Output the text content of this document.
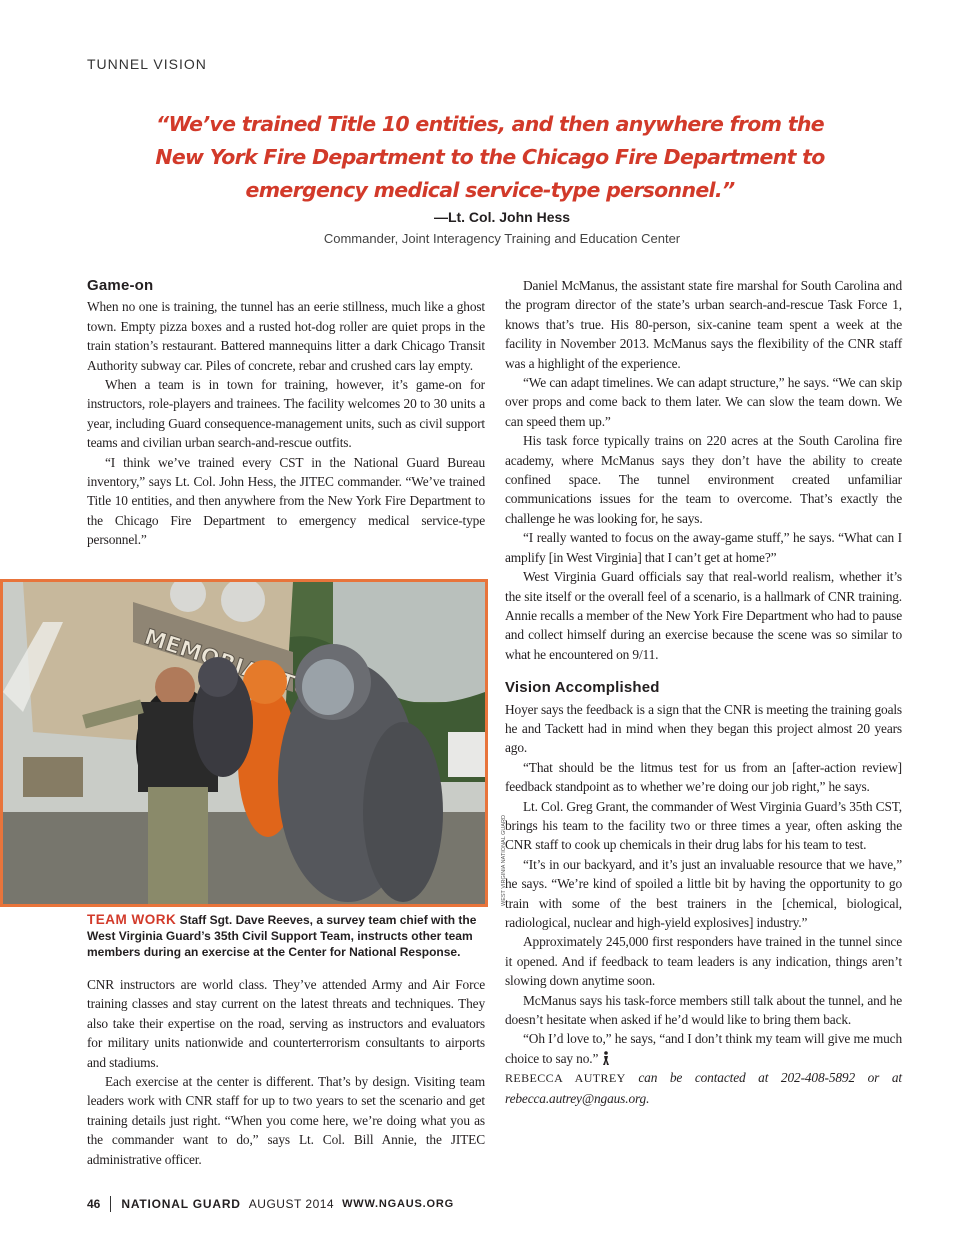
TUNNEL VISION
“We’ve trained Title 10 entities, and then anywhere from the
New York Fire Department to the Chicago Fire Department to
emergency medical service-type personnel.”
—Lt. Col. John Hess
Commander, Joint Interagency Training and Education Center
Game-on

When no one is training, the tunnel has an eerie stillness, much like a ghost town. Empty pizza boxes and a rusted hot-dog roller are quiet props in the train station’s restaurant. Battered mannequins litter a dark Chicago Transit Authority subway car. Piles of concrete, rebar and crushed cars lay empty.

When a team is in town for training, however, it’s game-on for instructors, role-players and trainees. The facility welcomes 20 to 30 units a year, including Guard consequence-management units, such as civil support teams and civilian urban search-and-rescue outfits.

“I think we’ve trained every CST in the National Guard Bureau inventory,” says Lt. Col. John Hess, the JITEC commander. “We’ve trained Title 10 entities, and then anywhere from the New York Fire Department to the Chicago Fire Department to emergency medical service-type personnel.”

MEMORIAL
WEST VIRGINIA NATIONAL GUARD
TEAM WORK Staff Sgt. Dave Reeves, a survey team chief with the West Virginia Guard’s 35th Civil Support Team, instructs other team members during an exercise at the Center for National Response.

CNR instructors are world class. They’ve attended Army and Air Force training classes and stay current on the latest threats and techniques. They also take their expertise on the road, serving as instructors and evaluators for military units nationwide and counterterrorism consultants to airports and stadiums.

Each exercise at the center is different. That’s by design. Visiting team leaders work with CNR staff for up to two years to set the scenario and get training details just right. “When you come here, we’re doing what you as the commander want to do,” says Lt. Col. Bill Annie, the JITEC administrative officer.

Daniel McManus, the assistant state fire marshal for South Carolina and the program director of the state’s urban search-and-rescue Task Force 1, knows that’s true. His 80-person, six-canine team spent a week at the facility in November 2013. McManus says the flexibility of the CNR staff was a highlight of the experience.

“We can adapt timelines. We can adapt structure,” he says. “We can skip over props and come back to them later. We can slow the team down. We can speed them up.”

His task force typically trains on 220 acres at the South Carolina fire academy, where McManus says they don’t have the ability to create confined space. The tunnel environment created unfamiliar communications issues for the team to overcome. That’s exactly the challenge he was looking for, he says.

“I really wanted to focus on the away-game stuff,” he says. “What can I amplify [in West Virginia] that I can’t get at home?”

West Virginia Guard officials say that real-world realism, whether it’s the site itself or the overall feel of a scenario, is a hallmark of CNR training. Annie recalls a member of the New York Fire Department who had to pause and collect himself during an exercise because the scene was so similar to what he encountered on 9/11.

Vision Accomplished

Hoyer says the feedback is a sign that the CNR is meeting the training goals he and Tackett had in mind when they began this project almost 20 years ago.

“That should be the litmus test for us from an [after-action review] feedback standpoint as to whether we’re doing our job right,” he says.

Lt. Col. Greg Grant, the commander of West Virginia Guard’s 35th CST, brings his team to the facility two or three times a year, often asking the CNR staff to cook up chemicals in their drug labs for his team to test.

“It’s in our backyard, and it’s just an invaluable resource that we have,” he says. “We’re kind of spoiled a little bit by having the opportunity to go train with some of the best trainers in the [chemical, biological, radiological, nuclear and high-yield explosives] industry.”

Approximately 245,000 first responders have trained in the tunnel since it opened. And if feedback to team leaders is any indication, things aren’t slowing down anytime soon.

McManus says his task-force members still talk about the tunnel, and he doesn’t hesitate when asked if he’d would like to bring them back.

“Oh I’d love to,” he says, “and I don’t think my team will give me much choice to say no.”

REBECCA AUTREY can be contacted at 202-408-5892 or at rebecca.autrey@ngaus.org.

46 NATIONAL GUARD AUGUST 2014 WWW.NGAUS.ORG
